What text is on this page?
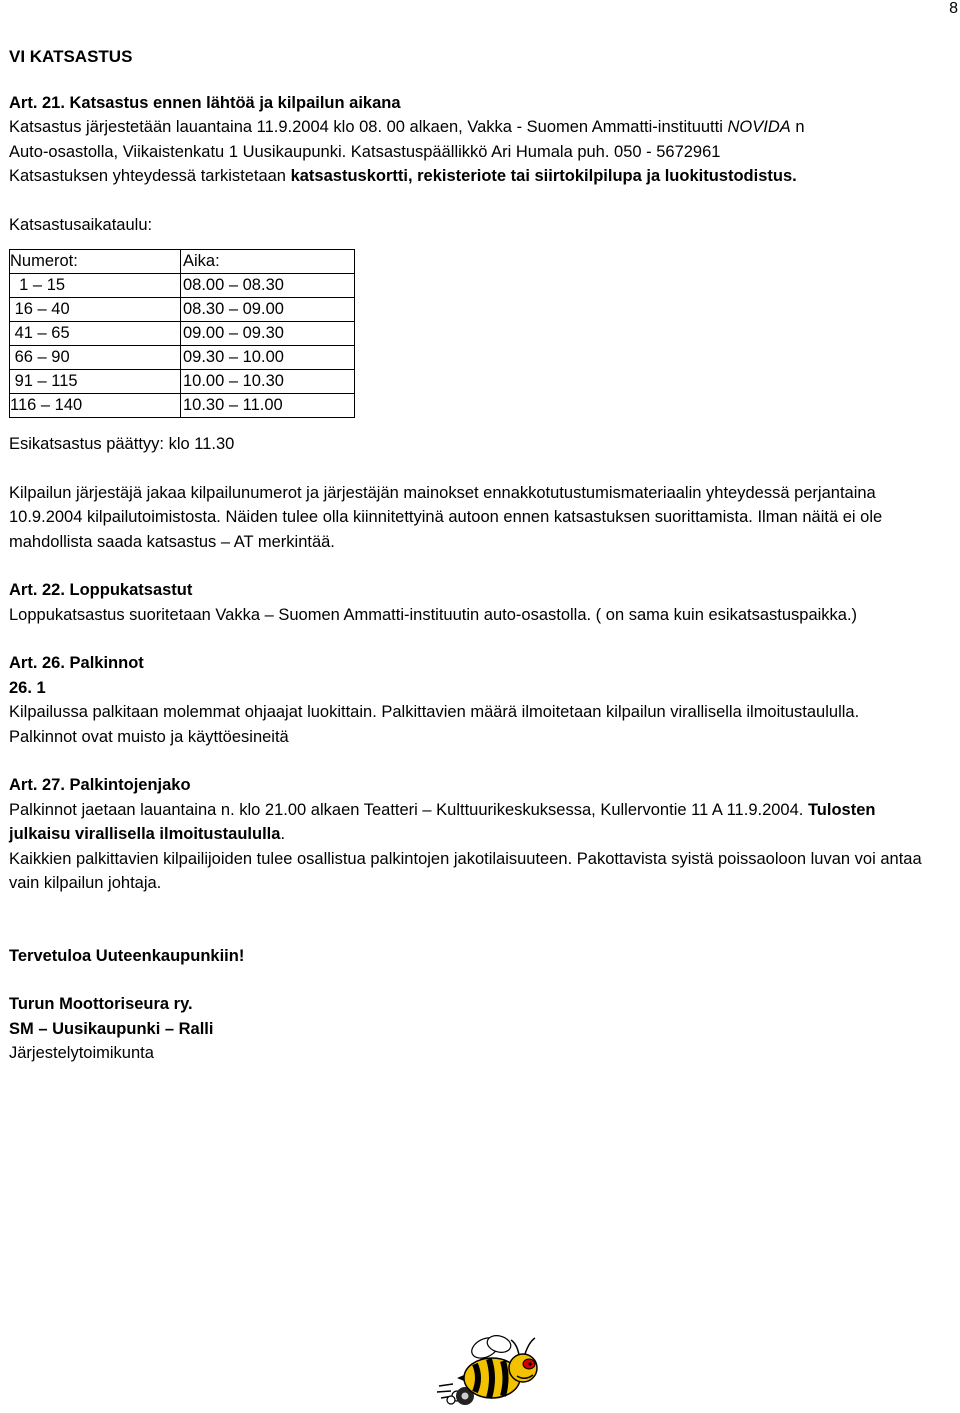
8
VI KATSASTUS

Art. 21. Katsastus ennen lähtöä ja kilpailun aikana

Katsastus järjestetään lauantaina 11.9.2004 klo 08. 00 alkaen, Vakka - Suomen Ammatti-instituutti NOVIDA n

Auto-osastolla, Viikaistenkatu 1 Uusikaupunki. Katsastuspäällikkö Ari Humala puh. 050 - 5672961

Katsastuksen yhteydessä tarkistetaan katsastuskortti, rekisteriote tai siirtokilpilupa ja luokitustodistus.

Katsastusaikataulu:

Numerot:	Aika:
1 – 15	08.00 – 08.30
16 – 40	08.30 – 09.00
41 – 65	09.00 – 09.30
66 – 90	09.30 – 10.00
91 – 115	10.00 – 10.30
116 – 140	10.30 – 11.00

Esikatsastus päättyy: klo 11.30

Kilpailun järjestäjä jakaa kilpailunumerot ja järjestäjän mainokset ennakkotutustumismateriaalin yhteydessä perjantaina 10.9.2004 kilpailutoimistosta. Näiden tulee olla kiinnitettyinä autoon ennen katsastuksen suorittamista. Ilman näitä ei ole mahdollista saada katsastus – AT merkintää.

Art. 22. Loppukatsastut

Loppukatsastus suoritetaan Vakka – Suomen Ammatti-instituutin auto-osastolla. ( on sama kuin esikatsastuspaikka.)

Art. 26. Palkinnot

26. 1

Kilpailussa palkitaan molemmat ohjaajat luokittain. Palkittavien määrä ilmoitetaan kilpailun virallisella ilmoitustaululla.

Palkinnot ovat muisto ja käyttöesineitä

Art. 27. Palkintojenjako

Palkinnot jaetaan lauantaina n. klo 21.00 alkaen Teatteri – Kulttuurikeskuksessa, Kullervontie 11 A 11.9.2004. Tulosten julkaisu virallisella ilmoitustaululla.

Kaikkien palkittavien kilpailijoiden tulee osallistua palkintojen jakotilaisuuteen. Pakottavista syistä poissaoloon luvan voi antaa vain kilpailun johtaja.

Tervetuloa Uuteenkaupunkiin!

Turun Moottoriseura ry.

SM – Uusikaupunki – Ralli

Järjestelytoimikunta
